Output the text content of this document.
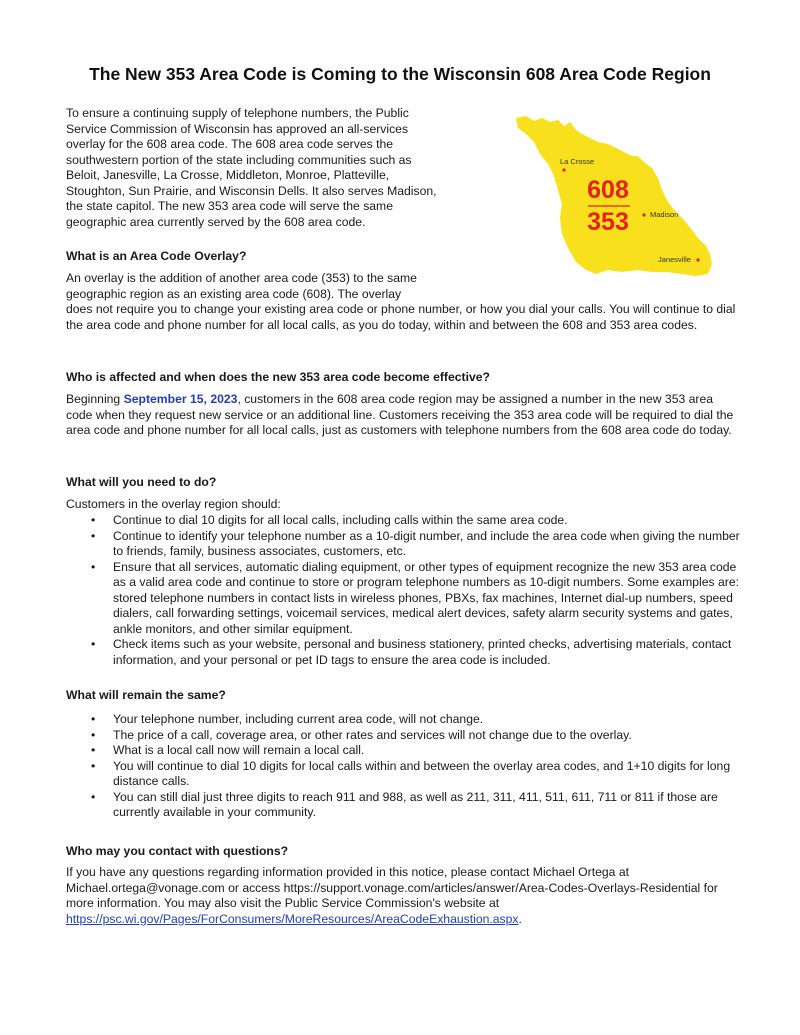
The New 353 Area Code is Coming to the Wisconsin 608 Area Code Region

To ensure a continuing supply of telephone numbers, the Public Service Commission of Wisconsin has approved an all-services overlay for the 608 area code. The 608 area code serves the southwestern portion of the state including communities such as Beloit, Janesville, La Crosse, Middleton, Monroe, Platteville, Stoughton, Sun Prairie, and Wisconsin Dells. It also serves Madison, the state capitol. The new 353 area code will serve the same geographic area currently served by the 608 area code.

608
353
La Crosse
Madison
Janesville

What is an Area Code Overlay?

An overlay is the addition of another area code (353) to the same

geographic region as an existing area code (608). The overlay

does not require you to change your existing area code or phone number, or how you dial your calls. You will continue to dial the area code and phone number for all local calls, as you do today, within and between the 608 and 353 area codes.

Who is affected and when does the new 353 area code become effective?

Beginning September 15, 2023, customers in the 608 area code region may be assigned a number in the new 353 area code when they request new service or an additional line. Customers receiving the 353 area code will be required to dial the area code and phone number for all local calls, just as customers with telephone numbers from the 608 area code do today.

What will you need to do?

Customers in the overlay region should:

• Continue to dial 10 digits for all local calls, including calls within the same area code.
• Continue to identify your telephone number as a 10-digit number, and include the area code when giving the number to friends, family, business associates, customers, etc.
• Ensure that all services, automatic dialing equipment, or other types of equipment recognize the new 353 area code as a valid area code and continue to store or program telephone numbers as 10-digit numbers. Some examples are: stored telephone numbers in contact lists in wireless phones, PBXs, fax machines, Internet dial-up numbers, speed dialers, call forwarding settings, voicemail services, medical alert devices, safety alarm security systems and gates, ankle monitors, and other similar equipment.
• Check items such as your website, personal and business stationery, printed checks, advertising materials, contact information, and your personal or pet ID tags to ensure the area code is included.

What will remain the same?

• Your telephone number, including current area code, will not change.
• The price of a call, coverage area, or other rates and services will not change due to the overlay.
• What is a local call now will remain a local call.
• You will continue to dial 10 digits for local calls within and between the overlay area codes, and 1+10 digits for long distance calls.
• You can still dial just three digits to reach 911 and 988, as well as 211, 311, 411, 511, 611, 711 or 811 if those are currently available in your community.

Who may you contact with questions?

If you have any questions regarding information provided in this notice, please contact Michael Ortega at Michael.ortega@vonage.com or access https://support.vonage.com/articles/answer/Area-Codes-Overlays-Residential for more information. You may also visit the Public Service Commission's website at https://psc.wi.gov/Pages/ForConsumers/MoreResources/AreaCodeExhaustion.aspx.
